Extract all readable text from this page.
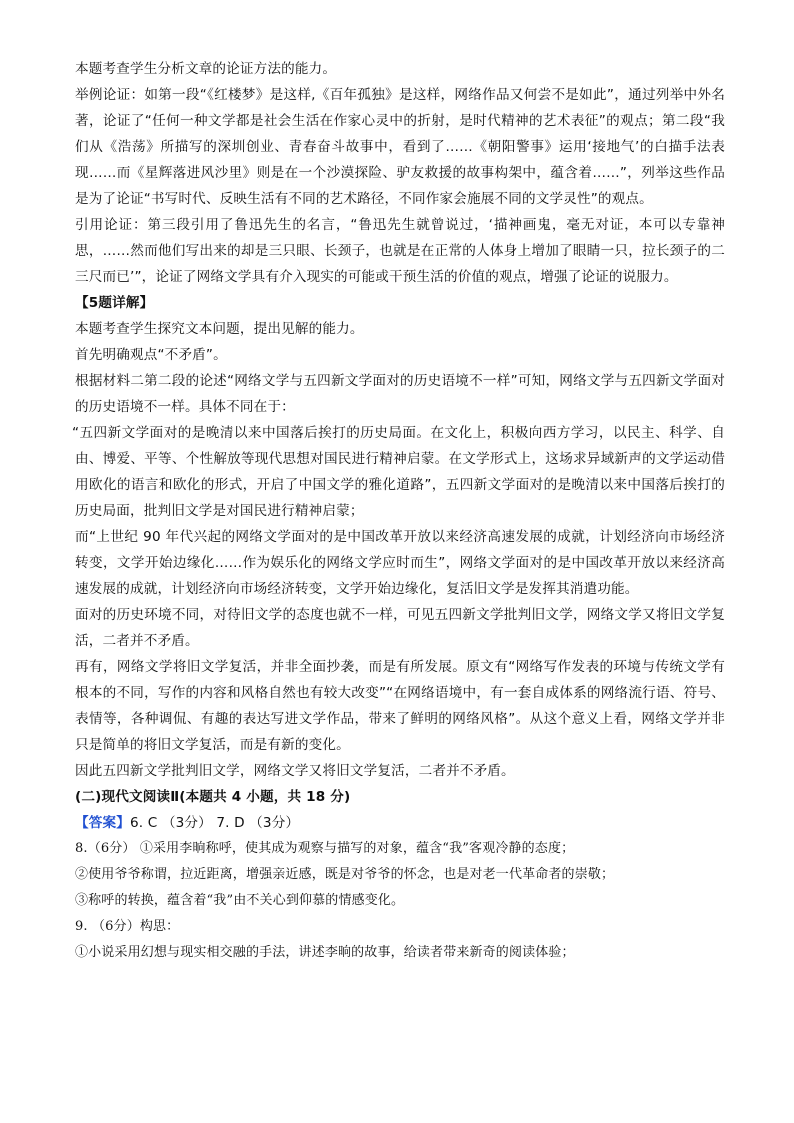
本题考查学生分析文章的论证方法的能力。

举例论证：如第一段“《红楼梦》是这样,《百年孤独》是这样，网络作品又何尝不是如此”，通过列举中外名著，论证了“任何一种文学都是社会生活在作家心灵中的折射，是时代精神的艺术表征”的观点；第二段“我们从《浩荡》所描写的深圳创业、青春奋斗故事中，看到了……《朝阳警事》运用‘接地气’的白描手法表现……而《星辉落进风沙里》则是在一个沙漠探险、驴友救援的故事构架中，蕴含着……”，列举这些作品是为了论证“书写时代、反映生活有不同的艺术路径，不同作家会施展不同的文学灵性”的观点。

引用论证：第三段引用了鲁迅先生的名言，“鲁迅先生就曾说过，‘描神画鬼，毫无对证，本可以专靠神思，……然而他们写出来的却是三只眼、长颈子，也就是在正常的人体身上增加了眼睛一只，拉长颈子的二三尺而已’”，论证了网络文学具有介入现实的可能或干预生活的价值的观点，增强了论证的说服力。

【5题详解】

本题考查学生探究文本问题，提出见解的能力。

首先明确观点“不矛盾”。

根据材料二第二段的论述“网络文学与五四新文学面对的历史语境不一样”可知，网络文学与五四新文学面对的历史语境不一样。具体不同在于：

“五四新文学面对的是晚清以来中国落后挨打的历史局面。在文化上，积极向西方学习，以民主、科学、自由、博爱、平等、个性解放等现代思想对国民进行精神启蒙。在文学形式上，这场求异域新声的文学运动借用欧化的语言和欧化的形式，开启了中国文学的雅化道路”，五四新文学面对的是晚清以来中国落后挨打的历史局面，批判旧文学是对国民进行精神启蒙；

而“上世纪 90 年代兴起的网络文学面对的是中国改革开放以来经济高速发展的成就，计划经济向市场经济转变，文学开始边缘化……作为娱乐化的网络文学应时而生”，网络文学面对的是中国改革开放以来经济高速发展的成就，计划经济向市场经济转变，文学开始边缘化，复活旧文学是发挥其消遣功能。

面对的历史环境不同，对待旧文学的态度也就不一样，可见五四新文学批判旧文学，网络文学又将旧文学复活，二者并不矛盾。

再有，网络文学将旧文学复活，并非全面抄袭，而是有所发展。原文有“网络写作发表的环境与传统文学有根本的不同，写作的内容和风格自然也有较大改变”“在网络语境中，有一套自成体系的网络流行语、符号、表情等，各种调侃、有趣的表达写进文学作品，带来了鲜明的网络风格”。从这个意义上看，网络文学并非只是简单的将旧文学复活，而是有新的变化。

因此五四新文学批判旧文学，网络文学又将旧文学复活，二者并不矛盾。

(二)现代文阅读Ⅱ(本题共 4 小题，共 18 分)

【答案】6. C （3分） 7. D （3分）

8.（6分） ①采用李晌称呼，使其成为观察与描写的对象，蕴含“我”客观冷静的态度；

②使用爷爷称谓，拉近距离，增强亲近感，既是对爷爷的怀念，也是对老一代革命者的崇敬；

③称呼的转换，蕴含着“我”由不关心到仰慕的情感变化。

9. （6分）构思：

①小说采用幻想与现实相交融的手法，讲述李晌的故事，给读者带来新奇的阅读体验；
